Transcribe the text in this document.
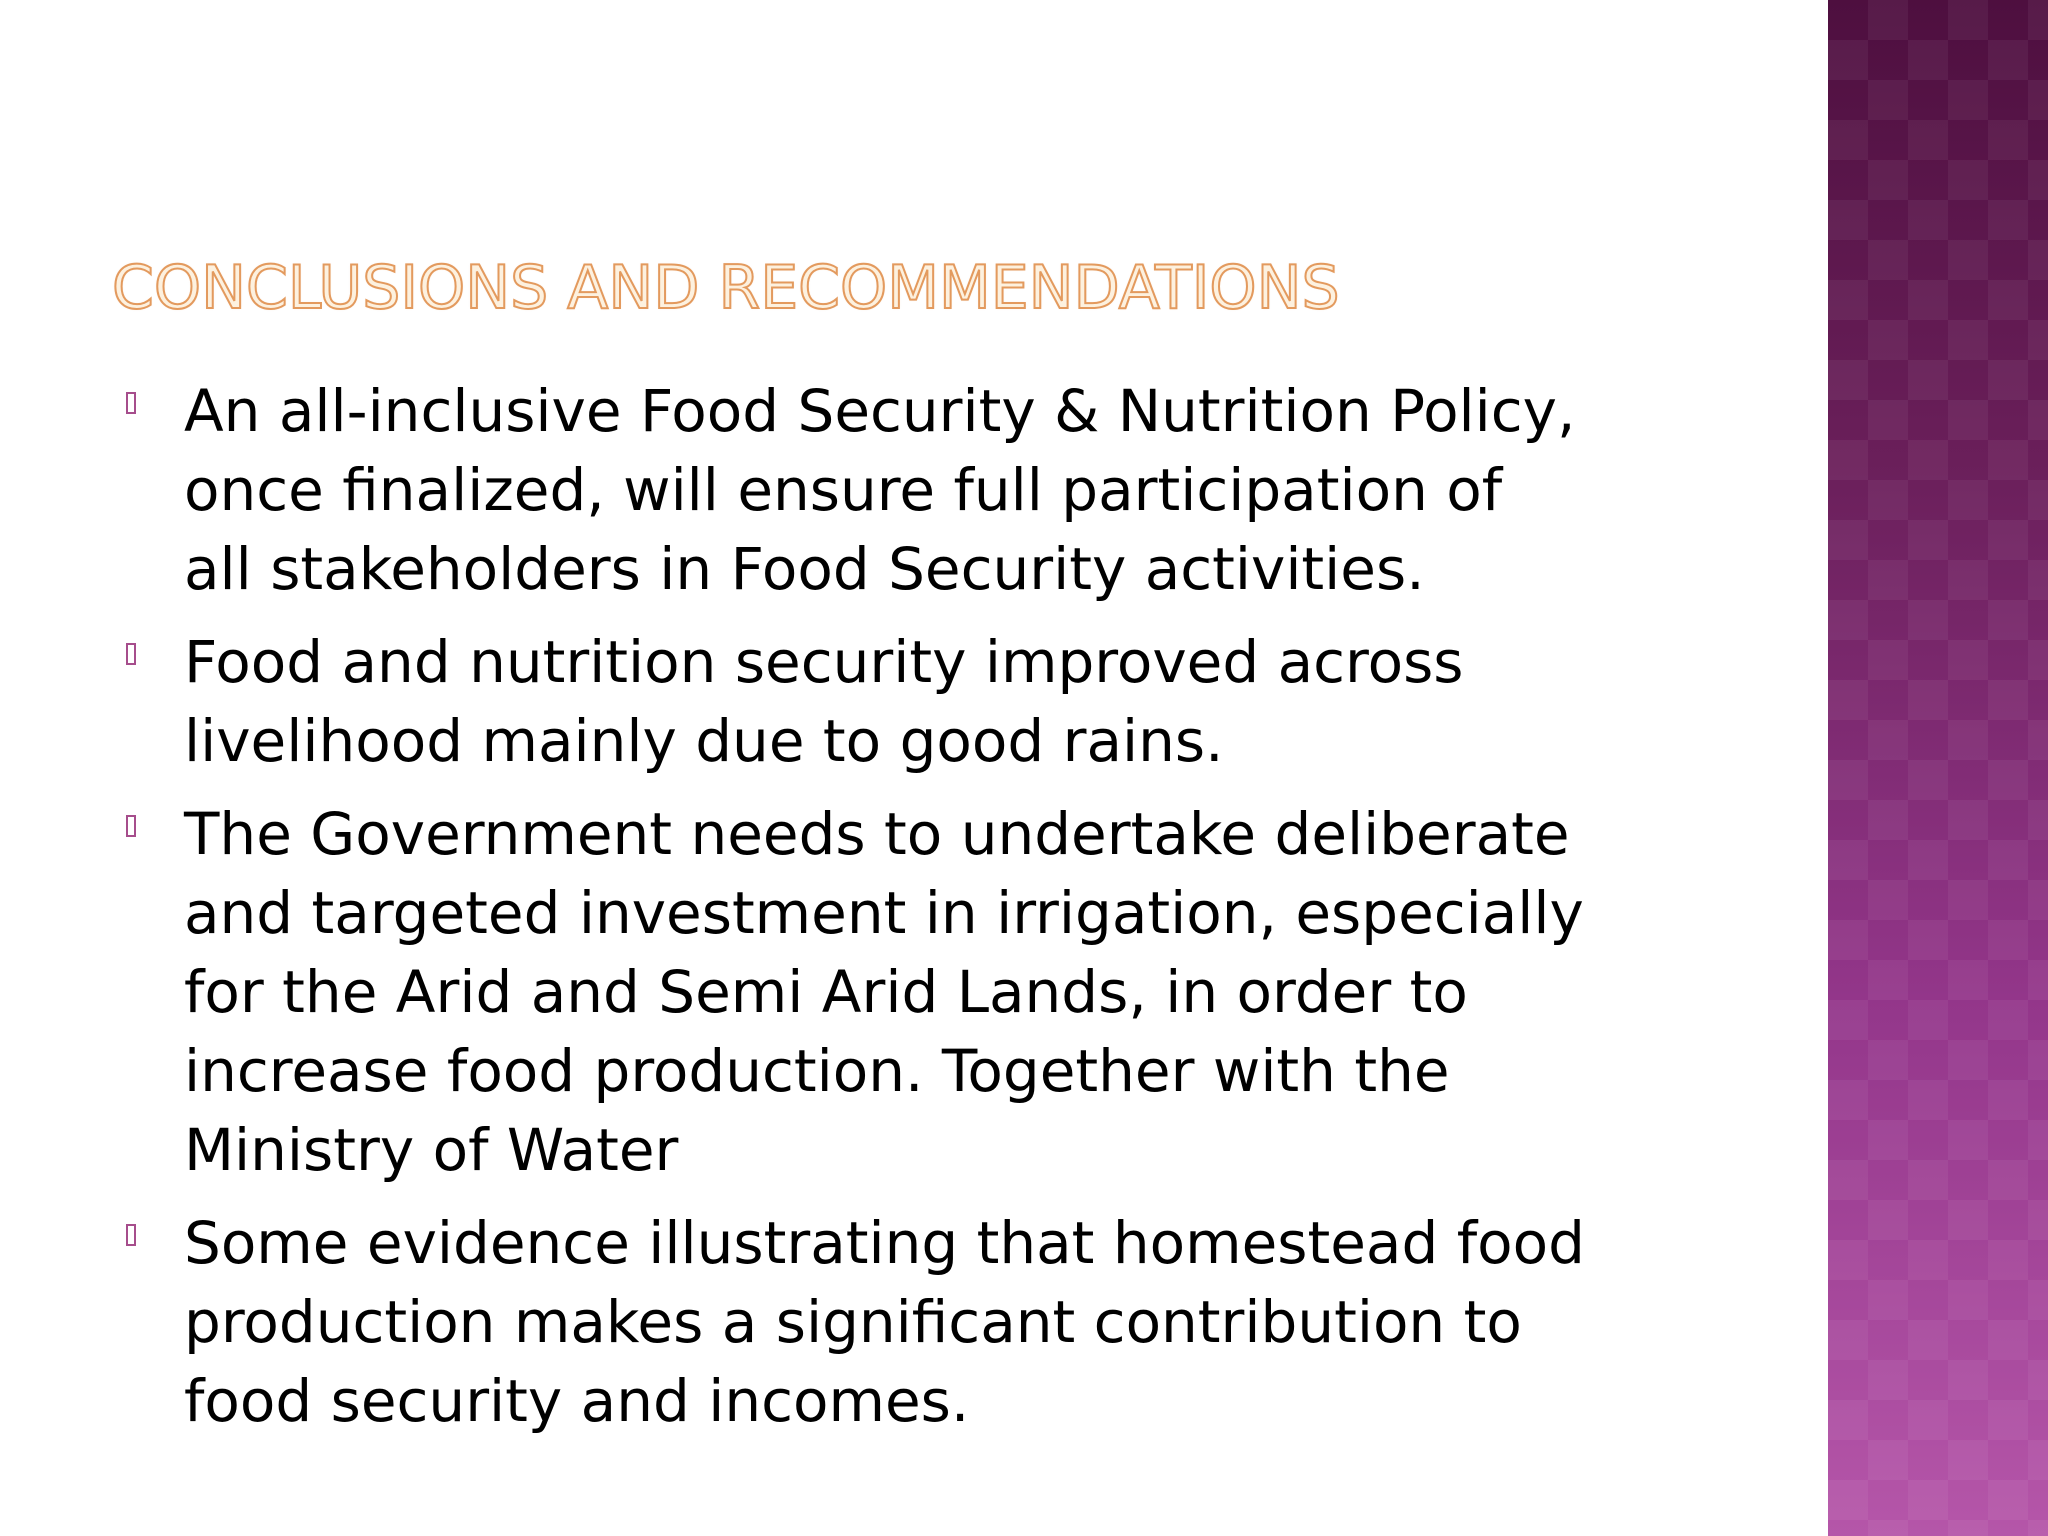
CONCLUSIONS AND RECOMMENDATIONS
An all-inclusive Food Security & Nutrition Policy,
once finalized, will ensure full participation of
all stakeholders in Food Security activities.
Food and nutrition security improved across
livelihood mainly due to good rains.
The Government needs to undertake deliberate
and targeted investment in irrigation, especially
for the Arid and Semi Arid Lands, in order to
increase food production. Together with the
Ministry of Water
Some evidence illustrating that homestead food
production makes a significant contribution to
food security and incomes.
